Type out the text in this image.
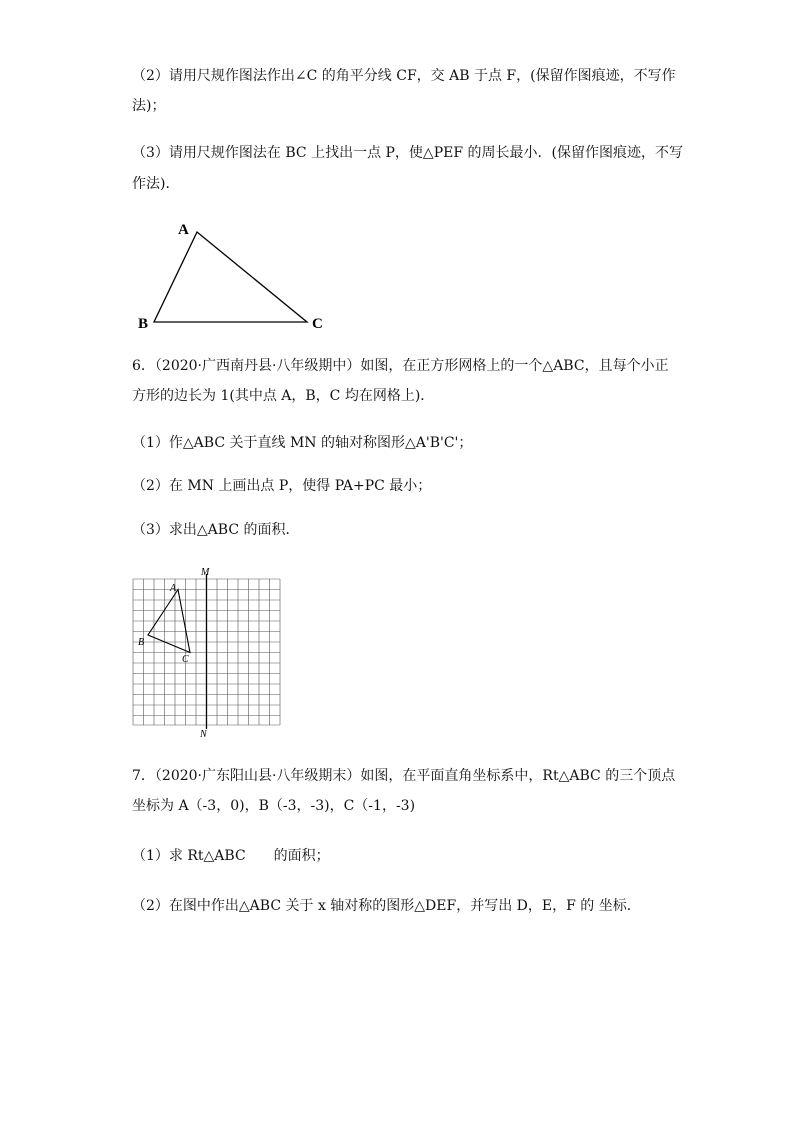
（2）请用尺规作图法作出∠C 的角平分线 CF，交 AB 于点 F，(保留作图痕迹，不写作
法)；
（3）请用尺规作图法在 BC 上找出一点 P，使△PEF 的周长最小．(保留作图痕迹，不写
作法)．
A
B	C
6．（2020·广西南丹县·八年级期中）如图，在正方形网格上的一个△ABC，且每个小正
方形的边长为 1(其中点 A，B，C 均在网格上)．
（1）作△ABC 关于直线 MN 的轴对称图形△A'B'C'；
（2）在 MN 上画出点 P，使得 PA+PC 最小；
（3）求出△ABC 的面积．
M
N
A
B
C
7．（2020·广东阳山县·八年级期末）如图，在平面直角坐标系中，Rt△ABC 的三个顶点
坐标为 A（-3，0)，B（-3，-3)，C（-1，-3)
（1）求 Rt△ABC　　的面积；
（2）在图中作出△ABC 关于 x 轴对称的图形△DEF，并写出 D，E，F 的 坐标．
